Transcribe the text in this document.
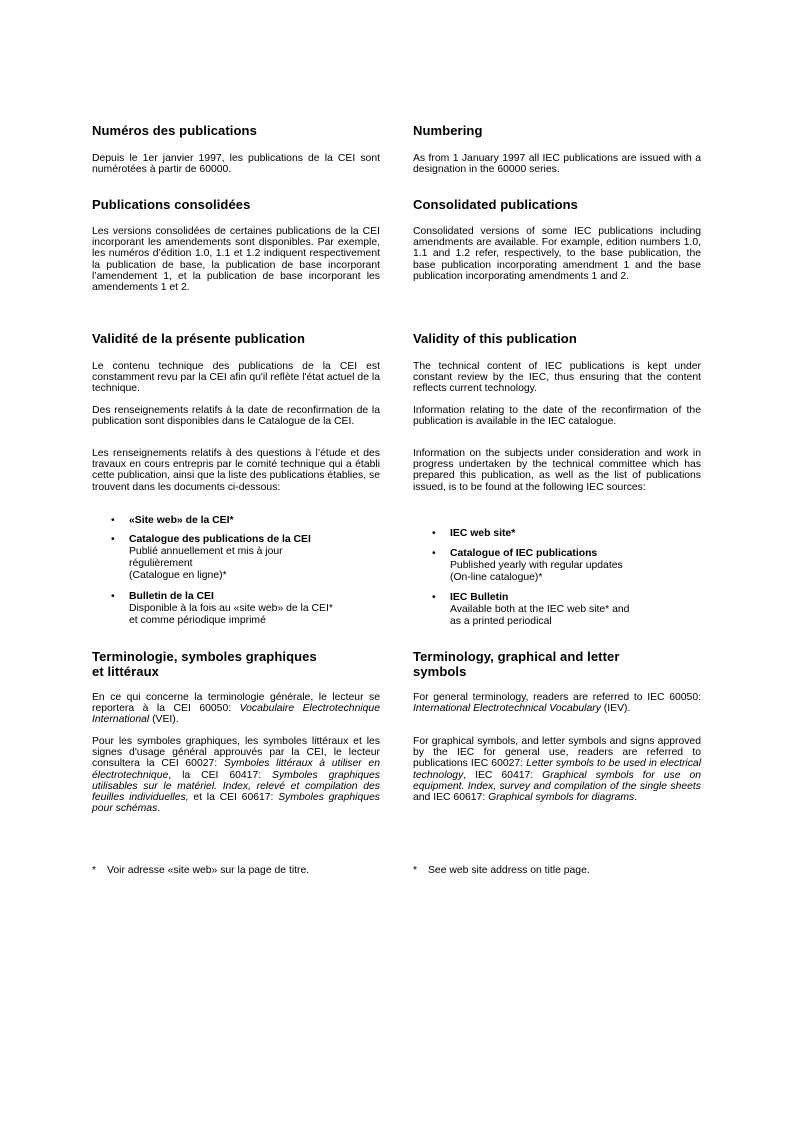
Numéros des publications

Depuis le 1er janvier 1997, les publications de la CEI sont numérotées à partir de 60000.

Publications consolidées

Les versions consolidées de certaines publications de la CEI incorporant les amendements sont disponibles. Par exemple, les numéros d’édition 1.0, 1.1 et 1.2 indiquent respectivement la publication de base, la publication de base incorporant l’amendement 1, et la publication de base incorporant les amendements 1 et 2.

Validité de la présente publication

Le contenu technique des publications de la CEI est constamment revu par la CEI afin qu'il reflète l'état actuel de la technique.

Des renseignements relatifs à la date de reconfirmation de la publication sont disponibles dans le Catalogue de la CEI.

Les renseignements relatifs à des questions à l’étude et des travaux en cours entrepris par le comité technique qui a établi cette publication, ainsi que la liste des publications établies, se trouvent dans les documents ci-dessous:

• «Site web» de la CEI*
• Catalogue des publications de la CEI
Publié annuellement et mis à jour
régulièrement
(Catalogue en ligne)*
• Bulletin de la CEI
Disponible à la fois au «site web» de la CEI*
et comme périodique imprimé
Terminologie, symboles graphiques
et littéraux

En ce qui concerne la terminologie générale, le lecteur se reportera à la CEI 60050: Vocabulaire Electrotechnique International (VEI).

Pour les symboles graphiques, les symboles littéraux et les signes d'usage général approuvés par la CEI, le lecteur consultera la CEI 60027: Symboles littéraux à utiliser en électrotechnique, la CEI 60417: Symboles graphiques utilisables sur le matériel. Index, relevé et compilation des feuilles individuelles, et la CEI 60617: Symboles graphiques pour schémas.

* Voir adresse «site web» sur la page de titre.
Numbering

As from 1 January 1997 all IEC publications are issued with a designation in the 60000 series.

Consolidated publications

Consolidated versions of some IEC publications including amendments are available. For example, edition numbers 1.0, 1.1 and 1.2 refer, respectively, to the base publication, the base publication incorporating amendment 1 and the base publication incorporating amendments 1 and 2.

Validity of this publication

The technical content of IEC publications is kept under constant review by the IEC, thus ensuring that the content reflects current technology.

Information relating to the date of the reconfirmation of the publication is available in the IEC catalogue.

Information on the subjects under consideration and work in progress undertaken by the technical committee which has prepared this publication, as well as the list of publications issued, is to be found at the following IEC sources:

• IEC web site*
• Catalogue of IEC publications
Published yearly with regular updates
(On-line catalogue)*
• IEC Bulletin
Available both at the IEC web site* and
as a printed periodical
Terminology, graphical and letter
symbols

For general terminology, readers are referred to IEC 60050: International Electrotechnical Vocabulary (IEV).

For graphical symbols, and letter symbols and signs approved by the IEC for general use, readers are referred to publications IEC 60027: Letter symbols to be used in electrical technology, IEC 60417: Graphical symbols for use on equipment. Index, survey and compilation of the single sheets and IEC 60617: Graphical symbols for diagrams.

* See web site address on title page.
